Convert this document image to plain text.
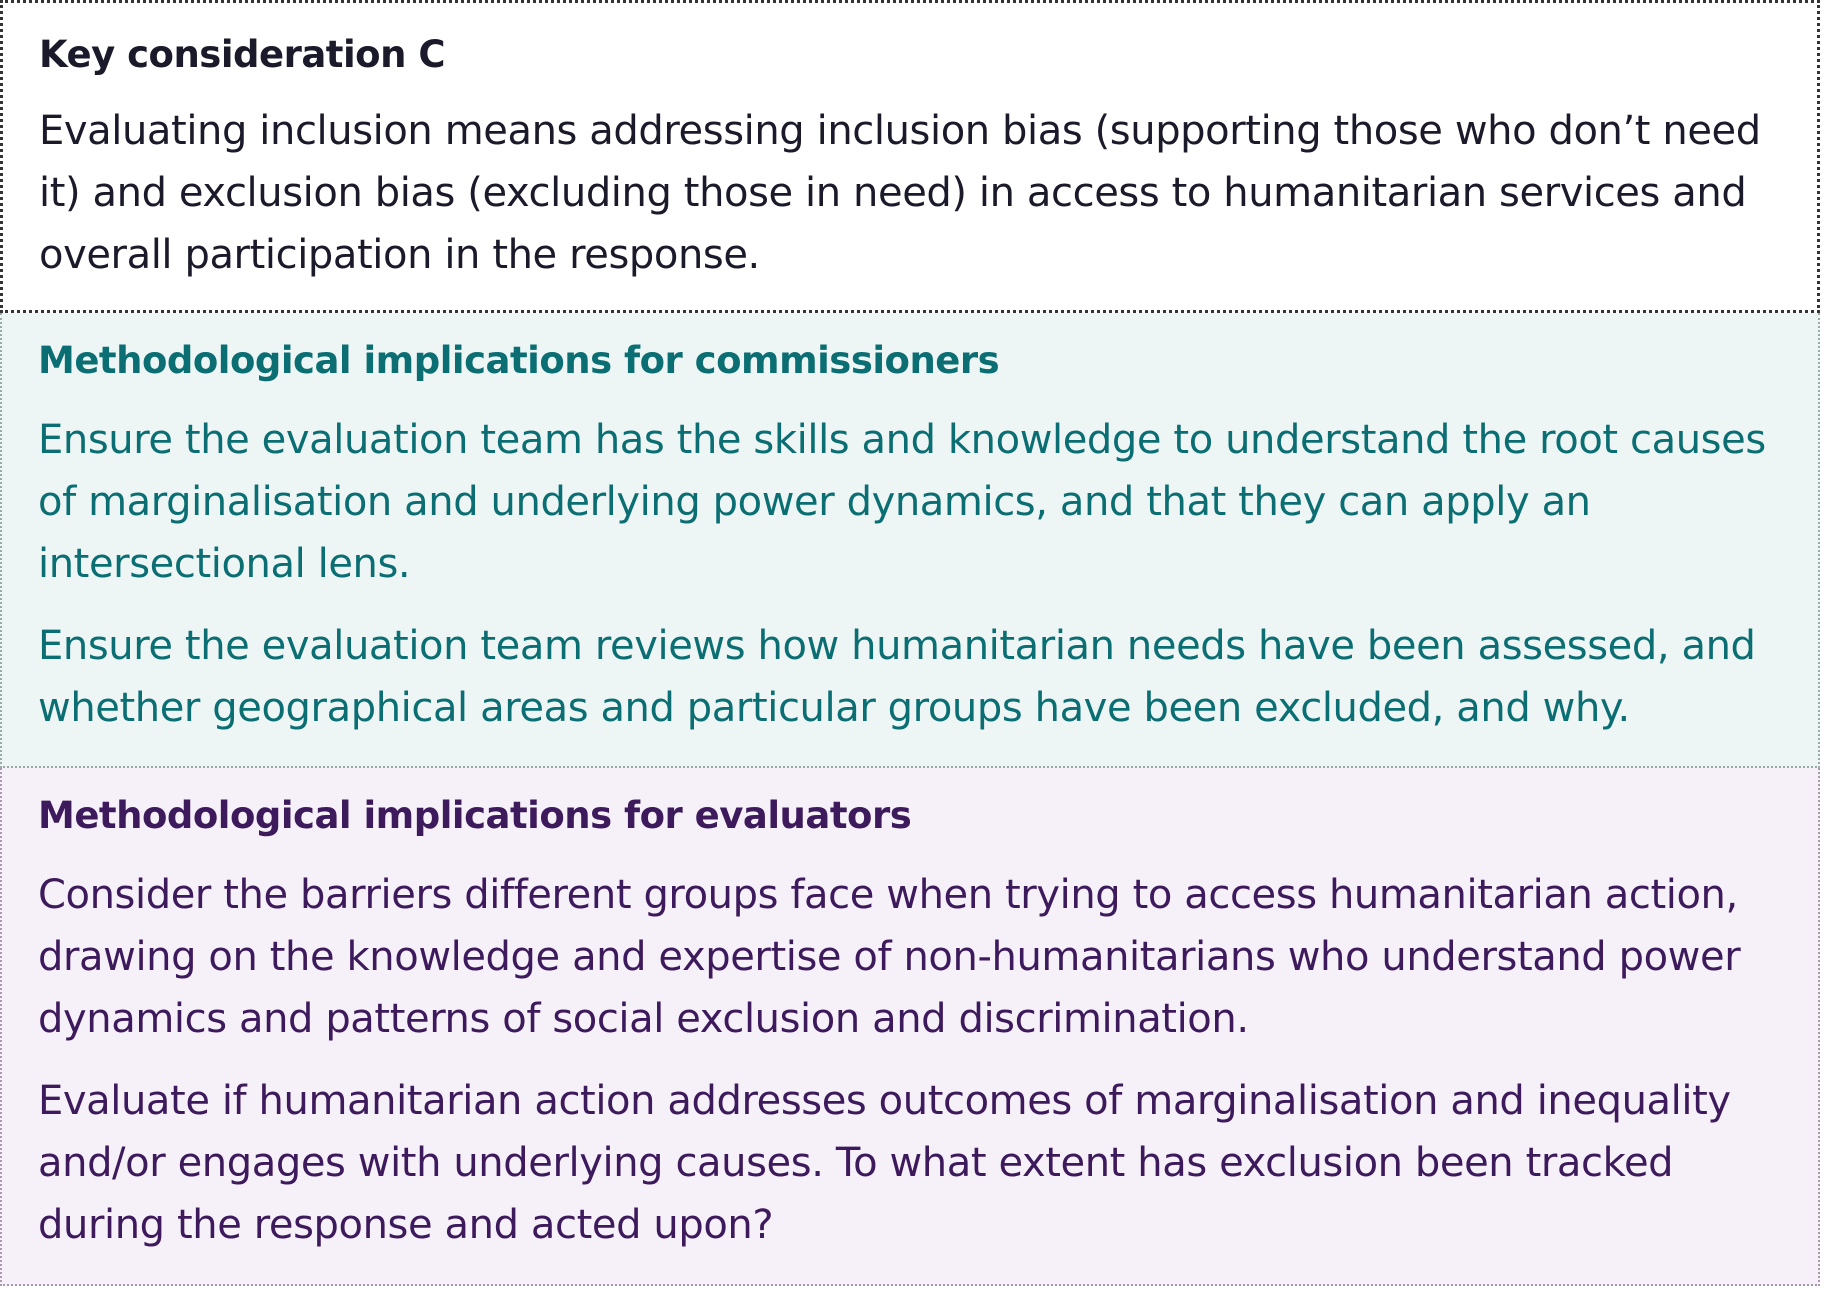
Key consideration C

Evaluating inclusion means addressing inclusion bias (supporting those who don’t need it) and exclusion bias (excluding those in need) in access to humanitarian services and overall participation in the response.

Methodological implications for commissioners

Ensure the evaluation team has the skills and knowledge to understand the root causes of marginalisation and underlying power dynamics, and that they can apply an intersectional lens.

Ensure the evaluation team reviews how humanitarian needs have been assessed, and whether geographical areas and particular groups have been excluded, and why.

Methodological implications for evaluators

Consider the barriers different groups face when trying to access humanitarian action, drawing on the knowledge and expertise of non-humanitarians who understand power dynamics and patterns of social exclusion and discrimination.

Evaluate if humanitarian action addresses outcomes of marginalisation and inequality and/or engages with underlying causes. To what extent has exclusion been tracked during the response and acted upon?
